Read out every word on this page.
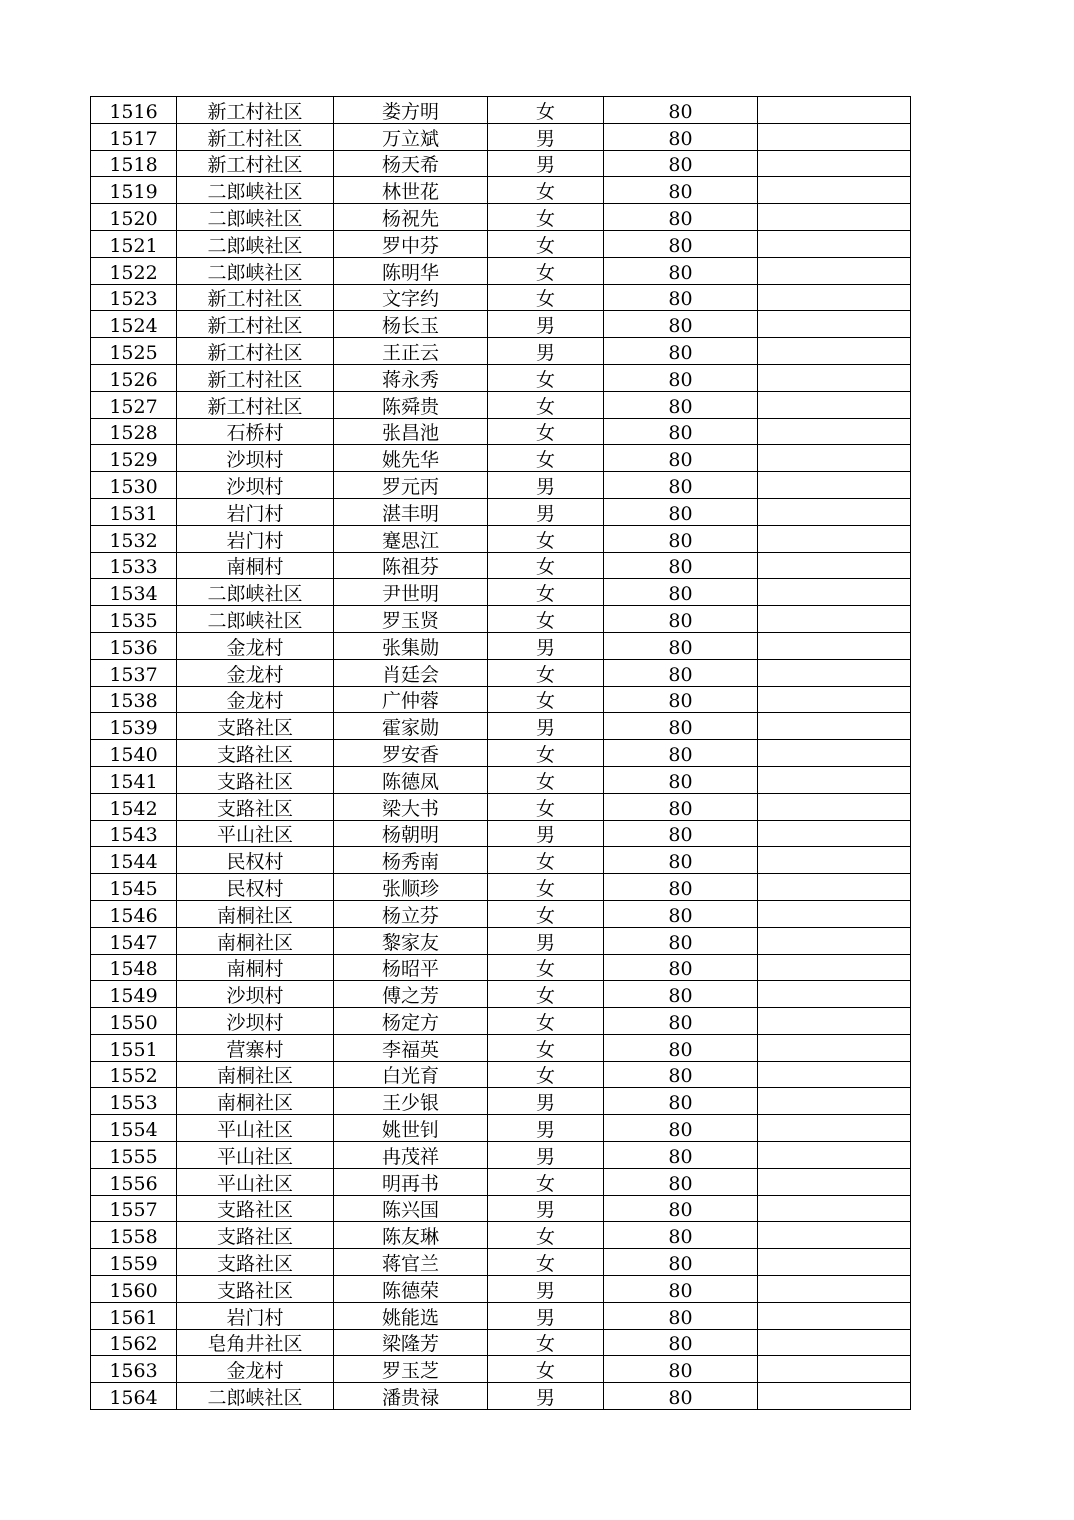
1516	新工村社区	娄方明	女	80	
1517	新工村社区	万立斌	男	80	
1518	新工村社区	杨天希	男	80	
1519	二郎峡社区	林世花	女	80	
1520	二郎峡社区	杨祝先	女	80	
1521	二郎峡社区	罗中芬	女	80	
1522	二郎峡社区	陈明华	女	80	
1523	新工村社区	文字约	女	80	
1524	新工村社区	杨长玉	男	80	
1525	新工村社区	王正云	男	80	
1526	新工村社区	蒋永秀	女	80	
1527	新工村社区	陈舜贵	女	80	
1528	石桥村	张昌池	女	80	
1529	沙坝村	姚先华	女	80	
1530	沙坝村	罗元丙	男	80	
1531	岩门村	湛丰明	男	80	
1532	岩门村	蹇思江	女	80	
1533	南桐村	陈祖芬	女	80	
1534	二郎峡社区	尹世明	女	80	
1535	二郎峡社区	罗玉贤	女	80	
1536	金龙村	张集勋	男	80	
1537	金龙村	肖廷会	女	80	
1538	金龙村	广仲蓉	女	80	
1539	支路社区	霍家勋	男	80	
1540	支路社区	罗安香	女	80	
1541	支路社区	陈德凤	女	80	
1542	支路社区	梁大书	女	80	
1543	平山社区	杨朝明	男	80	
1544	民权村	杨秀南	女	80	
1545	民权村	张顺珍	女	80	
1546	南桐社区	杨立芬	女	80	
1547	南桐社区	黎家友	男	80	
1548	南桐村	杨昭平	女	80	
1549	沙坝村	傅之芳	女	80	
1550	沙坝村	杨定方	女	80	
1551	营寨村	李福英	女	80	
1552	南桐社区	白光育	女	80	
1553	南桐社区	王少银	男	80	
1554	平山社区	姚世钊	男	80	
1555	平山社区	冉茂祥	男	80	
1556	平山社区	明再书	女	80	
1557	支路社区	陈兴国	男	80	
1558	支路社区	陈友琳	女	80	
1559	支路社区	蒋官兰	女	80	
1560	支路社区	陈德荣	男	80	
1561	岩门村	姚能选	男	80	
1562	皂角井社区	梁隆芳	女	80	
1563	金龙村	罗玉芝	女	80	
1564	二郎峡社区	潘贵禄	男	80	
